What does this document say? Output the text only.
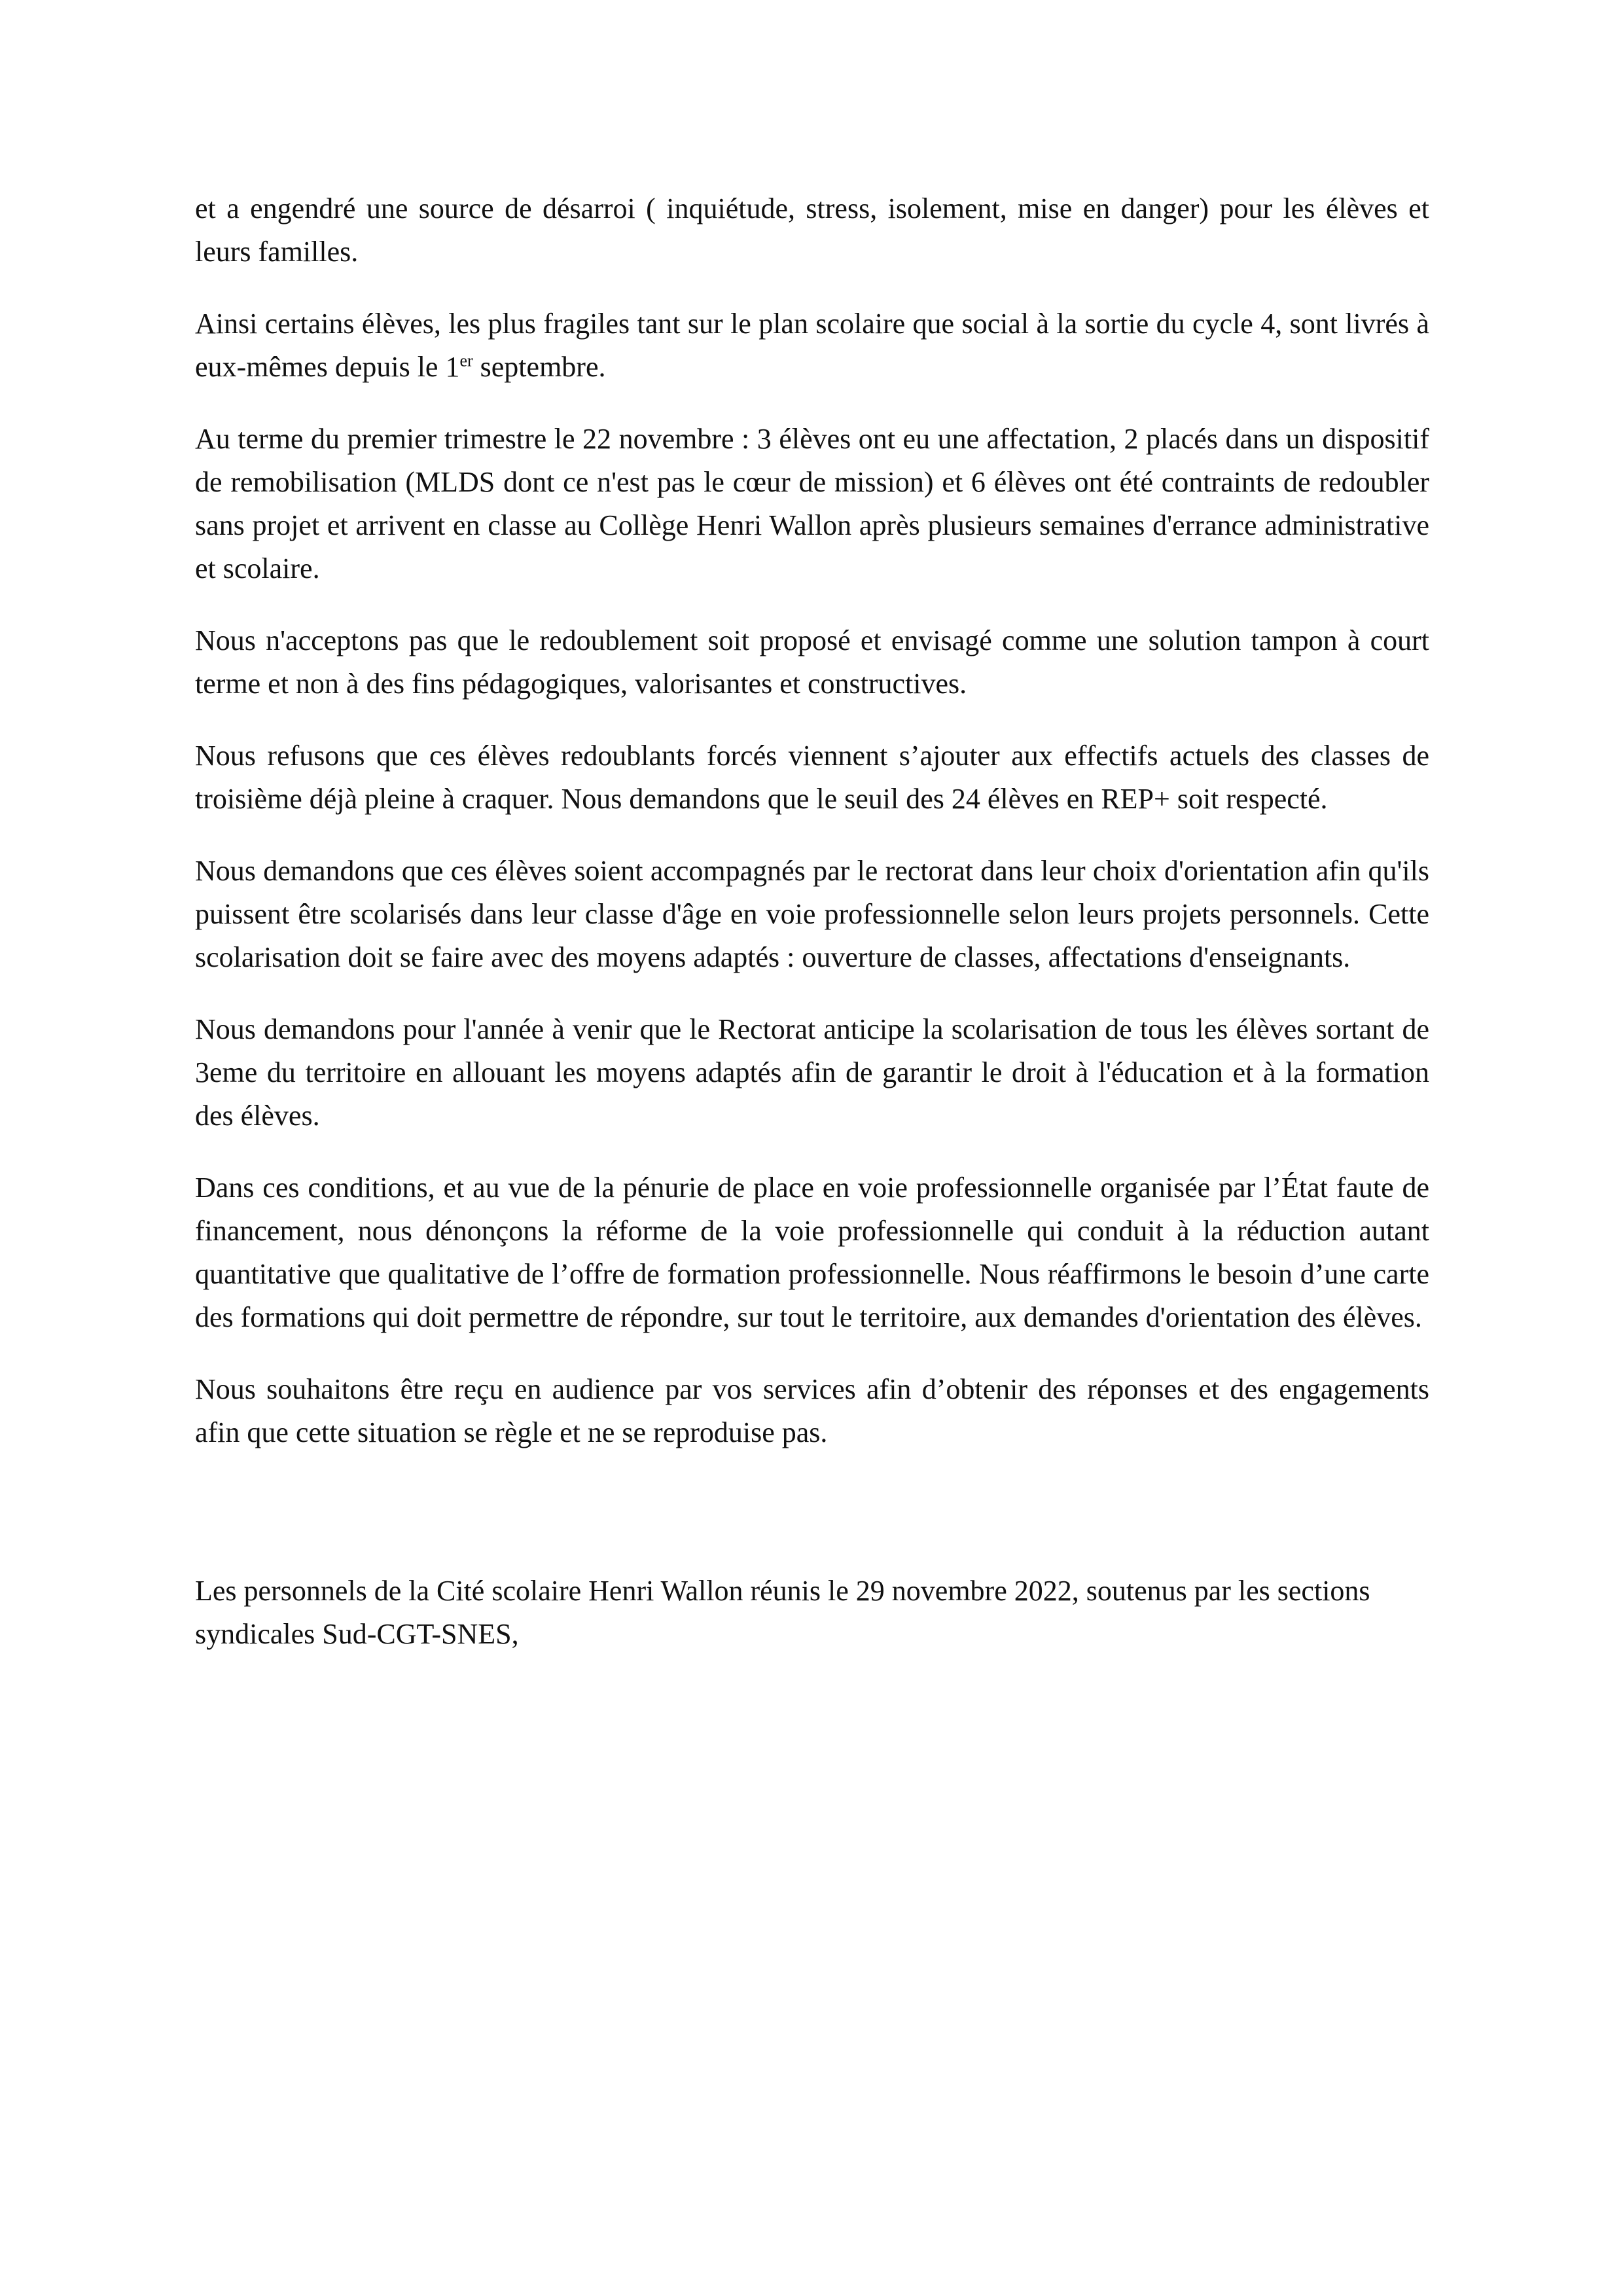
et a engendré une source de désarroi ( inquiétude, stress, isolement, mise en danger) pour les élèves et leurs familles.

Ainsi certains élèves, les plus fragiles tant sur le plan scolaire que social à la sortie du cycle 4, sont livrés à eux-mêmes depuis le 1er septembre.

Au terme du premier trimestre le 22 novembre : 3 élèves ont eu une affectation, 2 placés dans un dispositif de remobilisation (MLDS dont ce n'est pas le cœur de mission) et 6 élèves ont été contraints de redoubler sans projet et arrivent en classe au Collège Henri Wallon après plusieurs semaines d'errance administrative et scolaire.

Nous n'acceptons pas que le redoublement soit proposé et envisagé comme une solution tampon à court terme et non à des fins pédagogiques, valorisantes et constructives.

Nous refusons que ces élèves redoublants forcés viennent s’ajouter aux effectifs actuels des classes de troisième déjà pleine à craquer. Nous demandons que le seuil des 24 élèves en REP+ soit respecté.

Nous demandons que ces élèves soient accompagnés par le rectorat dans leur choix d'orientation afin qu'ils puissent être scolarisés dans leur classe d'âge en voie professionnelle selon leurs projets personnels. Cette scolarisation doit se faire avec des moyens adaptés : ouverture de classes, affectations d'enseignants.

Nous demandons pour l'année à venir que le Rectorat anticipe la scolarisation de tous les élèves sortant de 3eme du territoire en allouant les moyens adaptés afin de garantir le droit à l'éducation et à la formation des élèves.

Dans ces conditions, et au vue de la pénurie de place en voie professionnelle organisée par l’État faute de financement, nous dénonçons la réforme de la voie professionnelle qui conduit à la réduction autant quantitative que qualitative de l’offre de formation professionnelle. Nous réaffirmons le besoin d’une carte des formations qui doit permettre de répondre, sur tout le territoire, aux demandes d'orientation des élèves.

Nous souhaitons être reçu en audience par vos services afin d’obtenir des réponses et des engagements afin que cette situation se règle et ne se reproduise pas.

Les personnels de la Cité scolaire Henri Wallon réunis le 29 novembre 2022, soutenus par les sections syndicales Sud-CGT-SNES,
